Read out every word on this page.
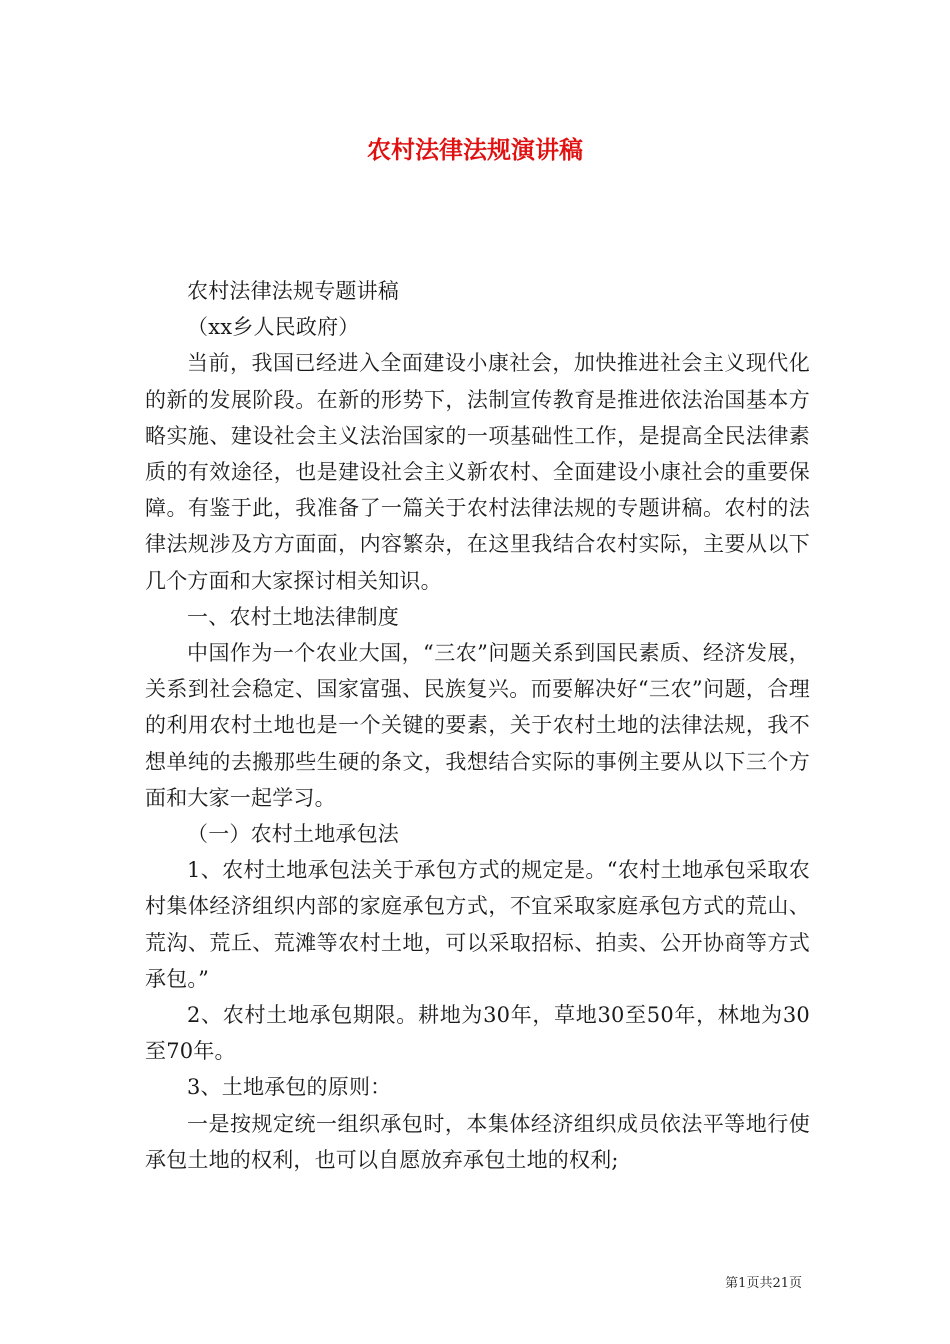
农村法律法规演讲稿

农村法律法规专题讲稿

（xx乡人民政府）

当前，我国已经进入全面建设小康社会，加快推进社会主义现代化的新的发展阶段。在新的形势下，法制宣传教育是推进依法治国基本方略实施、建设社会主义法治国家的一项基础性工作，是提高全民法律素质的有效途径，也是建设社会主义新农村、全面建设小康社会的重要保障。有鉴于此，我准备了一篇关于农村法律法规的专题讲稿。农村的法律法规涉及方方面面，内容繁杂，在这里我结合农村实际，主要从以下几个方面和大家探讨相关知识。

一、农村土地法律制度

中国作为一个农业大国，“三农”问题关系到国民素质、经济发展，关系到社会稳定、国家富强、民族复兴。而要解决好“三农”问题，合理的利用农村土地也是一个关键的要素，关于农村土地的法律法规，我不想单纯的去搬那些生硬的条文，我想结合实际的事例主要从以下三个方面和大家一起学习。

（一）农村土地承包法

1、农村土地承包法关于承包方式的规定是。“农村土地承包采取农村集体经济组织内部的家庭承包方式，不宜采取家庭承包方式的荒山、荒沟、荒丘、荒滩等农村土地，可以采取招标、拍卖、公开协商等方式承包。”

2、农村土地承包期限。耕地为30年，草地30至50年，林地为30至70年。

3、土地承包的原则：

一是按规定统一组织承包时，本集体经济组织成员依法平等地行使承包土地的权利，也可以自愿放弃承包土地的权利;

第1页共21页
